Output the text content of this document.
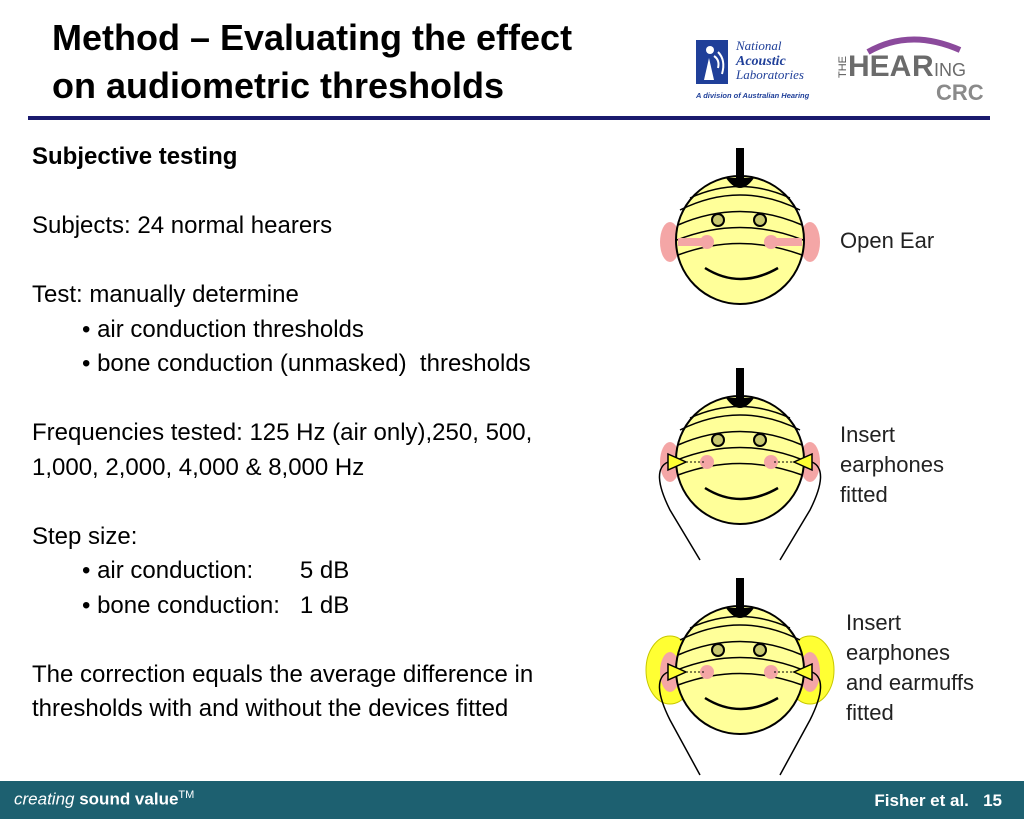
Method – Evaluating the effect
on audiometric thresholds
National
Acoustic
Laboratories
A division of Australian Hearing
THE HEA R ING
CRC
Subjective testing
Subjects: 24 normal hearers
Test: manually determine
• air conduction thresholds
• bone conduction (unmasked)  thresholds
Frequencies tested: 125 Hz (air only),250, 500,
1,000, 2,000, 4,000 & 8,000 Hz
Step size:
• air conduction:       5 dB
• bone conduction:   1 dB
The correction equals the average difference in
thresholds with and without the devices fitted
Open Ear
Insert
earphones
fitted
Insert
earphones
and earmuffs
fitted
creating sound value™	Fisher et al. 15
